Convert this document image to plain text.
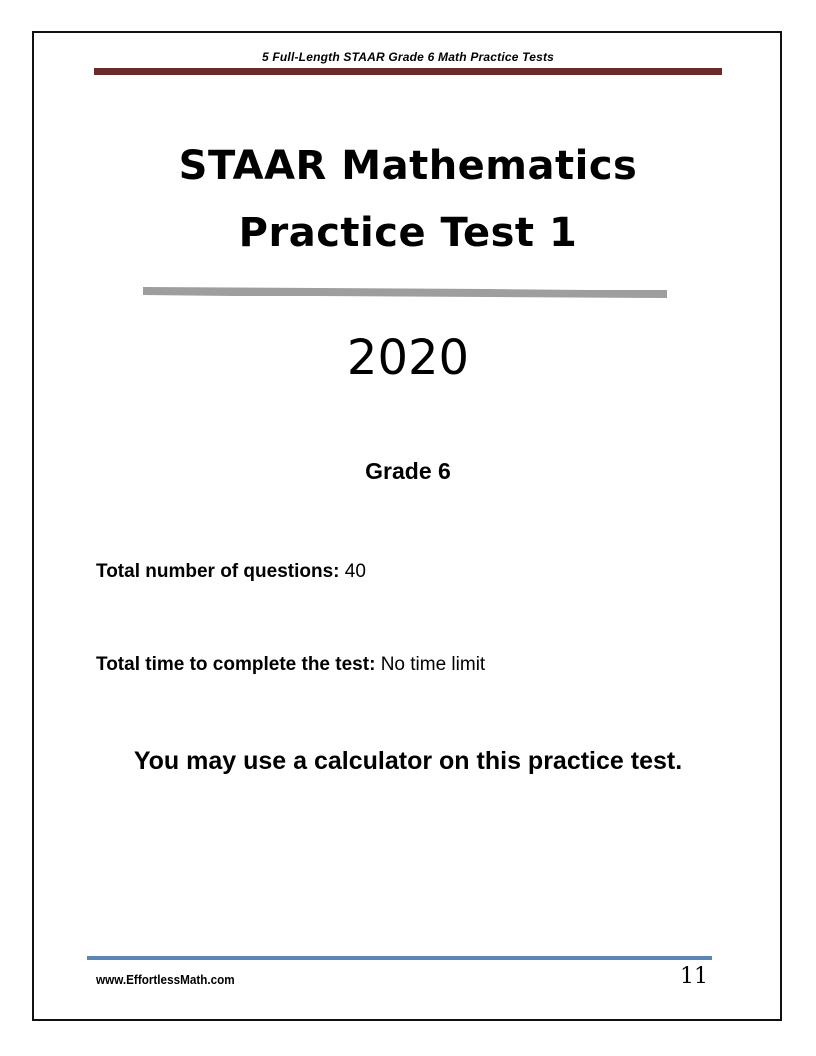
5 Full-Length STAAR Grade 6 Math Practice Tests
STAAR Mathematics
Practice Test 1
2020
Grade 6
Total number of questions: 40
Total time to complete the test: No time limit
You may use a calculator on this practice test.
www.EffortlessMath.com	11
